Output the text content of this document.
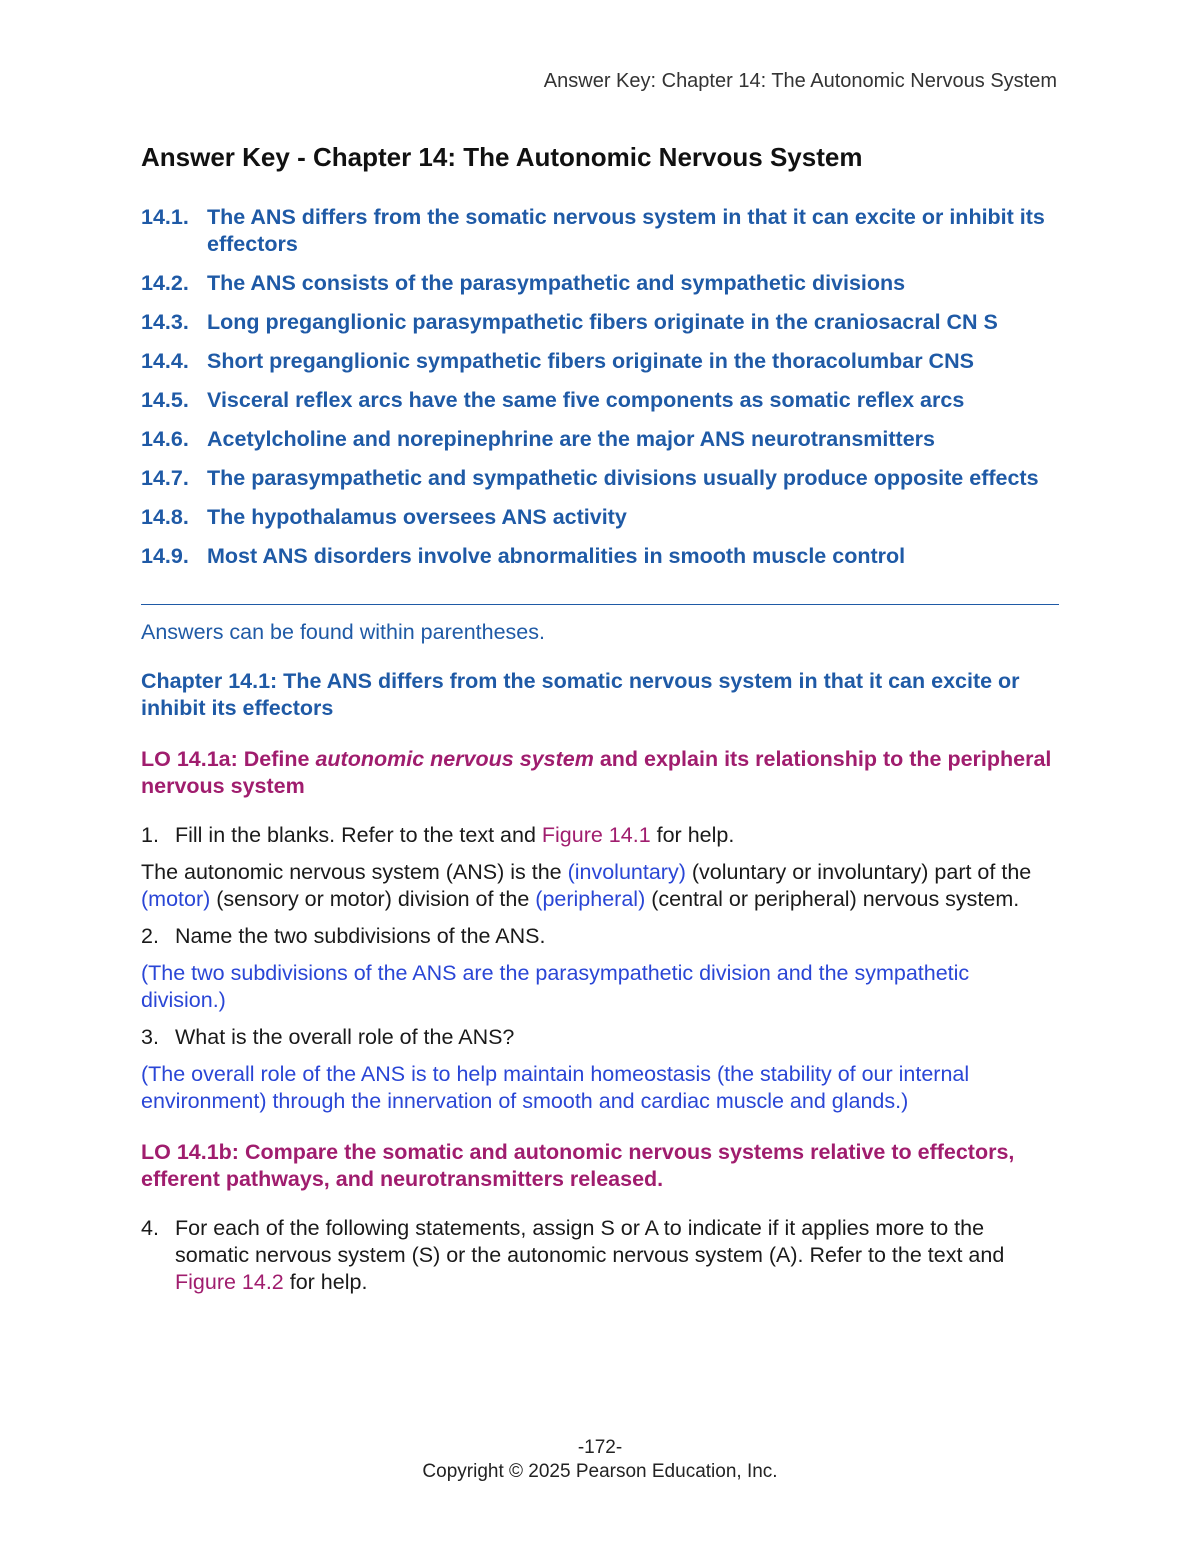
Answer Key: Chapter 14: The Autonomic Nervous System
Answer Key - Chapter 14: The Autonomic Nervous System
14.1. The ANS differs from the somatic nervous system in that it can excite or inhibit its effectors
14.2. The ANS consists of the parasympathetic and sympathetic divisions
14.3. Long preganglionic parasympathetic fibers originate in the craniosacral CN S
14.4. Short preganglionic sympathetic fibers originate in the thoracolumbar CNS
14.5. Visceral reflex arcs have the same five components as somatic reflex arcs
14.6. Acetylcholine and norepinephrine are the major ANS neurotransmitters
14.7. The parasympathetic and sympathetic divisions usually produce opposite effects
14.8. The hypothalamus oversees ANS activity
14.9. Most ANS disorders involve abnormalities in smooth muscle control

Answers can be found within parentheses.

Chapter 14.1: The ANS differs from the somatic nervous system in that it can excite or inhibit its effectors
LO 14.1a: Define autonomic nervous system and explain its relationship to the peripheral nervous system
1. Fill in the blanks. Refer to the text and Figure 14.1 for help.

The autonomic nervous system (ANS) is the (involuntary) (voluntary or involuntary) part of the (motor) (sensory or motor) division of the (peripheral) (central or peripheral) nervous system.

2. Name the two subdivisions of the ANS.

(The two subdivisions of the ANS are the parasympathetic division and the sympathetic division.)

3. What is the overall role of the ANS?

(The overall role of the ANS is to help maintain homeostasis (the stability of our internal environment) through the innervation of smooth and cardiac muscle and glands.)

LO 14.1b: Compare the somatic and autonomic nervous systems relative to effectors, efferent pathways, and neurotransmitters released.
4. For each of the following statements, assign S or A to indicate if it applies more to the somatic nervous system (S) or the autonomic nervous system (A). Refer to the text and Figure 14.2 for help.
-172-
Copyright © 2025 Pearson Education, Inc.
